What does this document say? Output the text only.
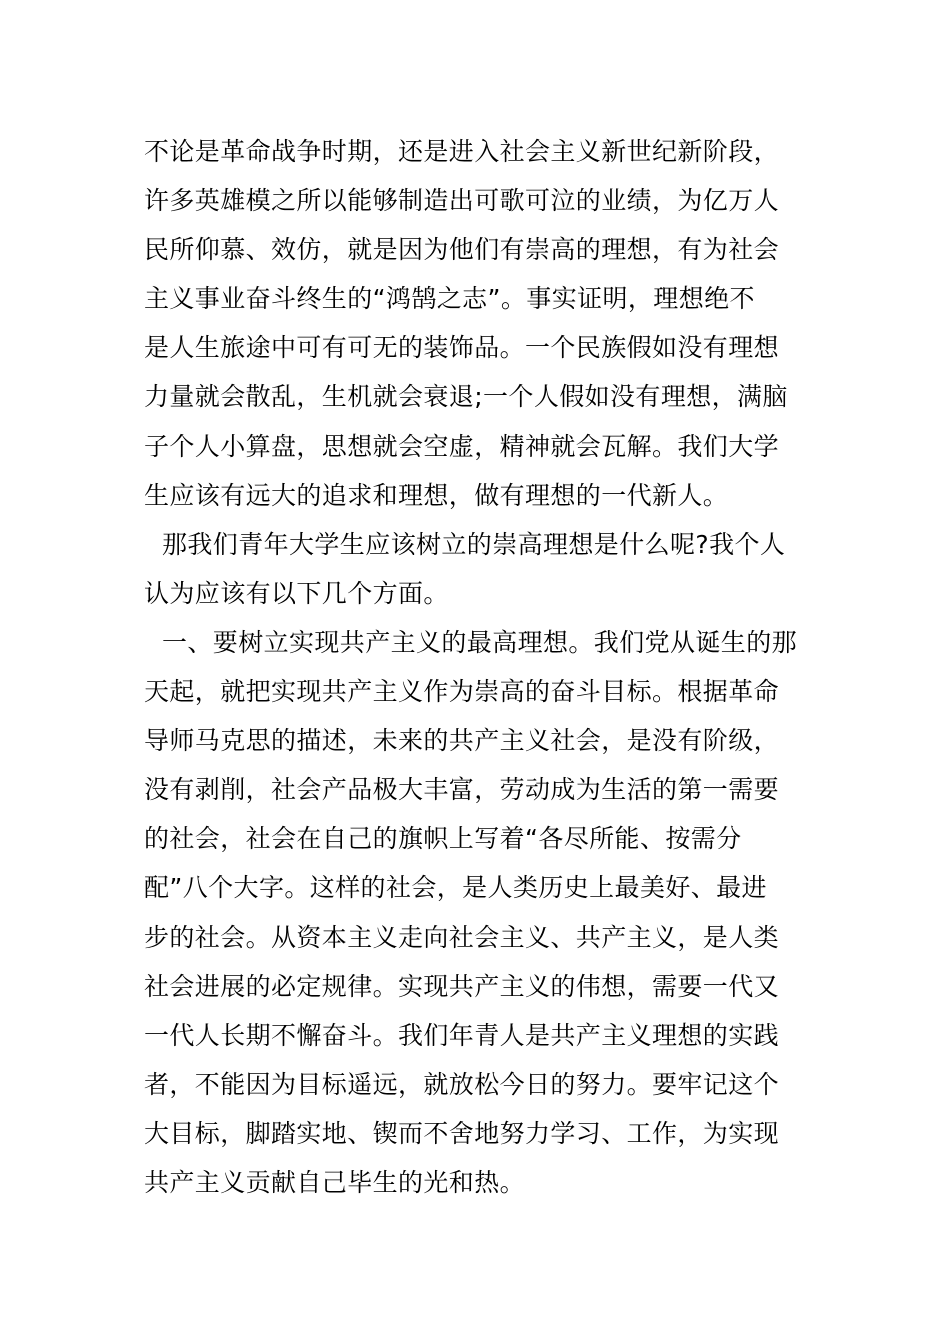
不论是革命战争时期，还是进入社会主义新世纪新阶段，
许多英雄模之所以能够制造出可歌可泣的业绩，为亿万人
民所仰慕、效仿，就是因为他们有崇高的理想，有为社会
主义事业奋斗终生的“鸿鹄之志”。事实证明，理想绝不
是人生旅途中可有可无的装饰品。一个民族假如没有理想
力量就会散乱，生机就会衰退;一个人假如没有理想，满脑
子个人小算盘，思想就会空虚，精神就会瓦解。我们大学
生应该有远大的追求和理想，做有理想的一代新人。
那我们青年大学生应该树立的崇高理想是什么呢?我个人
认为应该有以下几个方面。
一、要树立实现共产主义的最高理想。我们党从诞生的那
天起，就把实现共产主义作为崇高的奋斗目标。根据革命
导师马克思的描述，未来的共产主义社会，是没有阶级，
没有剥削，社会产品极大丰富，劳动成为生活的第一需要
的社会，社会在自己的旗帜上写着“各尽所能、按需分
配”八个大字。这样的社会，是人类历史上最美好、最进
步的社会。从资本主义走向社会主义、共产主义，是人类
社会进展的必定规律。实现共产主义的伟想，需要一代又
一代人长期不懈奋斗。我们年青人是共产主义理想的实践
者，不能因为目标遥远，就放松今日的努力。要牢记这个
大目标，脚踏实地、锲而不舍地努力学习、工作，为实现
共产主义贡献自己毕生的光和热。
